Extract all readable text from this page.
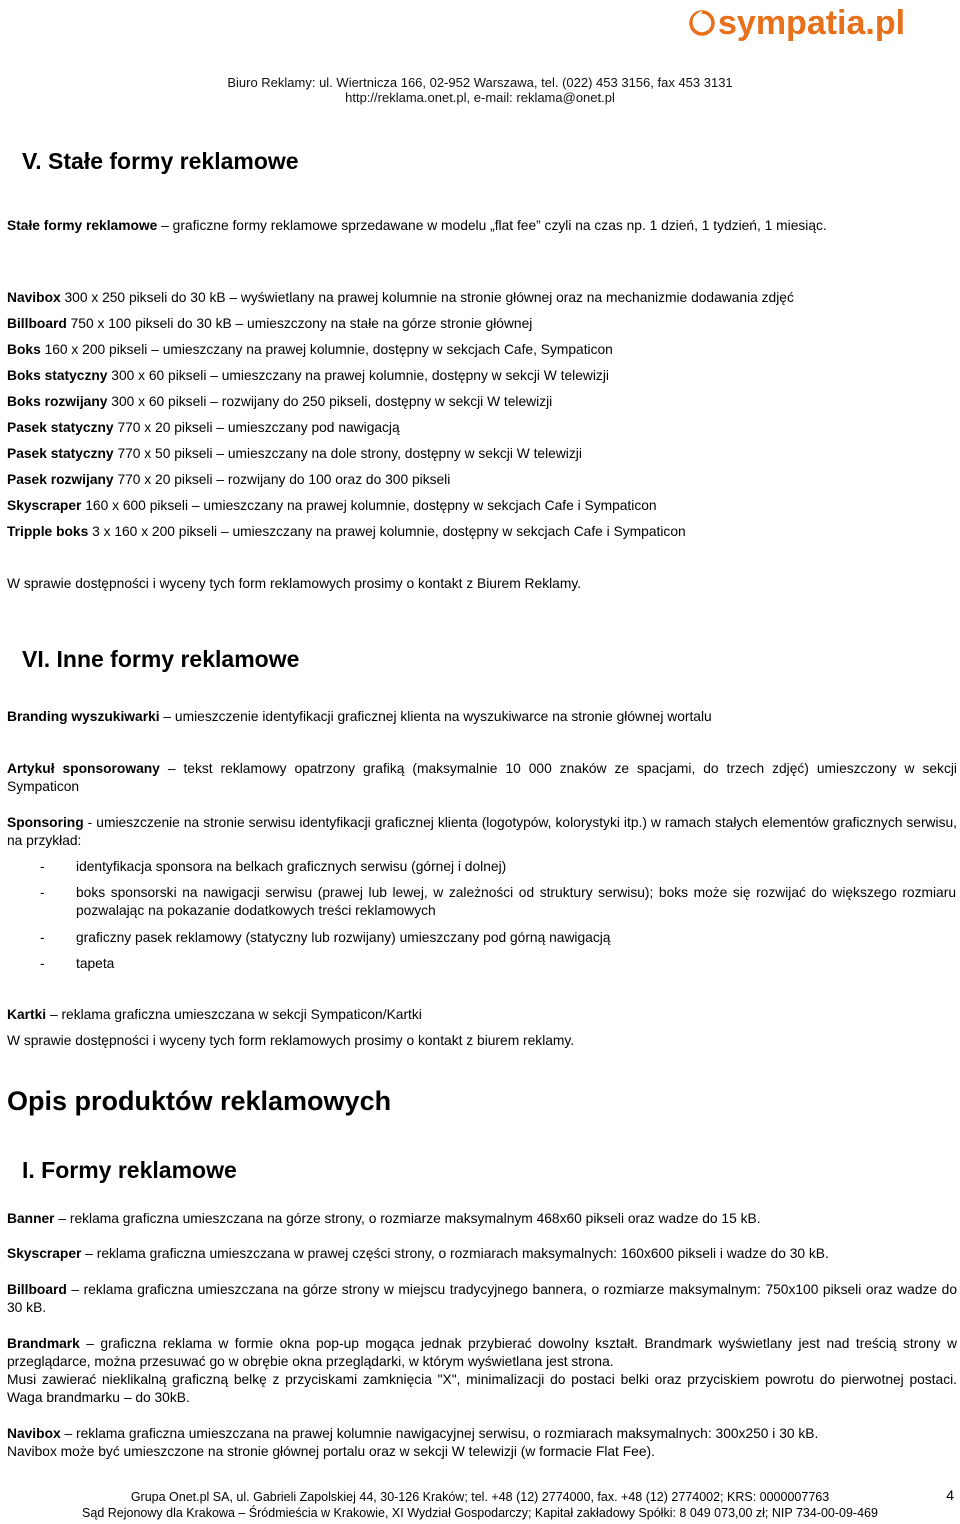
sympatia.pl
Biuro Reklamy: ul. Wiertnicza 166, 02-952 Warszawa, tel. (022) 453 3156, fax 453 3131
http://reklama.onet.pl, e-mail: reklama@onet.pl
V. Stałe formy reklamowe
Stałe formy reklamowe – graficzne formy reklamowe sprzedawane w modelu „flat fee” czyli na czas np. 1 dzień, 1 tydzień, 1 miesiąc.
Navibox 300 x 250 pikseli do 30 kB – wyświetlany na prawej kolumnie na stronie głównej oraz na mechanizmie dodawania zdjęć
Billboard 750 x 100 pikseli do 30 kB – umieszczony na stałe na górze stronie głównej
Boks 160 x 200 pikseli – umieszczany na prawej kolumnie, dostępny w sekcjach Cafe, Sympaticon
Boks statyczny 300 x 60 pikseli – umieszczany na prawej kolumnie, dostępny w sekcji W telewizji
Boks rozwijany 300 x 60 pikseli – rozwijany do 250 pikseli, dostępny w sekcji W telewizji
Pasek statyczny 770 x 20 pikseli – umieszczany pod nawigacją
Pasek statyczny 770 x 50 pikseli – umieszczany na dole strony, dostępny w sekcji W telewizji
Pasek rozwijany 770 x 20 pikseli – rozwijany do 100 oraz do 300 pikseli
Skyscraper 160 x 600 pikseli – umieszczany na prawej kolumnie, dostępny w sekcjach Cafe i Sympaticon
Tripple boks 3 x 160 x 200 pikseli – umieszczany na prawej kolumnie, dostępny w sekcjach Cafe i Sympaticon
W sprawie dostępności i wyceny tych form reklamowych prosimy o kontakt z Biurem Reklamy.
VI. Inne formy reklamowe
Branding wyszukiwarki – umieszczenie identyfikacji graficznej klienta na wyszukiwarce na stronie głównej wortalu
Artykuł sponsorowany – tekst reklamowy opatrzony grafiką (maksymalnie 10 000 znaków ze spacjami, do trzech zdjęć) umieszczony w sekcji Sympaticon
Sponsoring - umieszczenie na stronie serwisu identyfikacji graficznej klienta (logotypów, kolorystyki itp.) w ramach stałych elementów graficznych serwisu, na przykład:
- identyfikacja sponsora na belkach graficznych serwisu (górnej i dolnej)
- boks sponsorski na nawigacji serwisu (prawej lub lewej, w zależności od struktury serwisu); boks może się rozwijać do większego rozmiaru pozwalając na pokazanie dodatkowych treści reklamowych
- graficzny pasek reklamowy (statyczny lub rozwijany) umieszczany pod górną nawigacją
- tapeta
Kartki – reklama graficzna umieszczana w sekcji Sympaticon/Kartki
W sprawie dostępności i wyceny tych form reklamowych prosimy o kontakt z biurem reklamy.
Opis produktów reklamowych
I. Formy reklamowe
Banner – reklama graficzna umieszczana na górze strony, o rozmiarze maksymalnym 468x60 pikseli oraz wadze do 15 kB.
Skyscraper – reklama graficzna umieszczana w prawej części strony, o rozmiarach maksymalnych: 160x600 pikseli i wadze do 30 kB.
Billboard – reklama graficzna umieszczana na górze strony w miejscu tradycyjnego bannera, o rozmiarze maksymalnym: 750x100 pikseli oraz wadze do 30 kB.
Brandmark – graficzna reklama w formie okna pop-up mogąca jednak przybierać dowolny kształt. Brandmark wyświetlany jest nad treścią strony w przeglądarce, można przesuwać go w obrębie okna przeglądarki, w którym wyświetlana jest strona.
Musi zawierać nieklikalną graficzną belkę z przyciskami zamknięcia "X", minimalizacji do postaci belki oraz przyciskiem powrotu do pierwotnej postaci. Waga brandmarku – do 30kB.
Navibox – reklama graficzna umieszczana na prawej kolumnie nawigacyjnej serwisu, o rozmiarach maksymalnych: 300x250 i 30 kB.
Navibox może być umieszczone na stronie głównej portalu oraz w sekcji W telewizji (w formacie Flat Fee).
Grupa Onet.pl SA, ul. Gabrieli Zapolskiej 44, 30-126 Kraków; tel. +48 (12) 2774000, fax. +48 (12) 2774002; KRS: 0000007763
Sąd Rejonowy dla Krakowa – Śródmieścia w Krakowie, XI Wydział Gospodarczy; Kapitał zakładowy Spółki: 8 049 073,00 zł; NIP 734-00-09-469
4
